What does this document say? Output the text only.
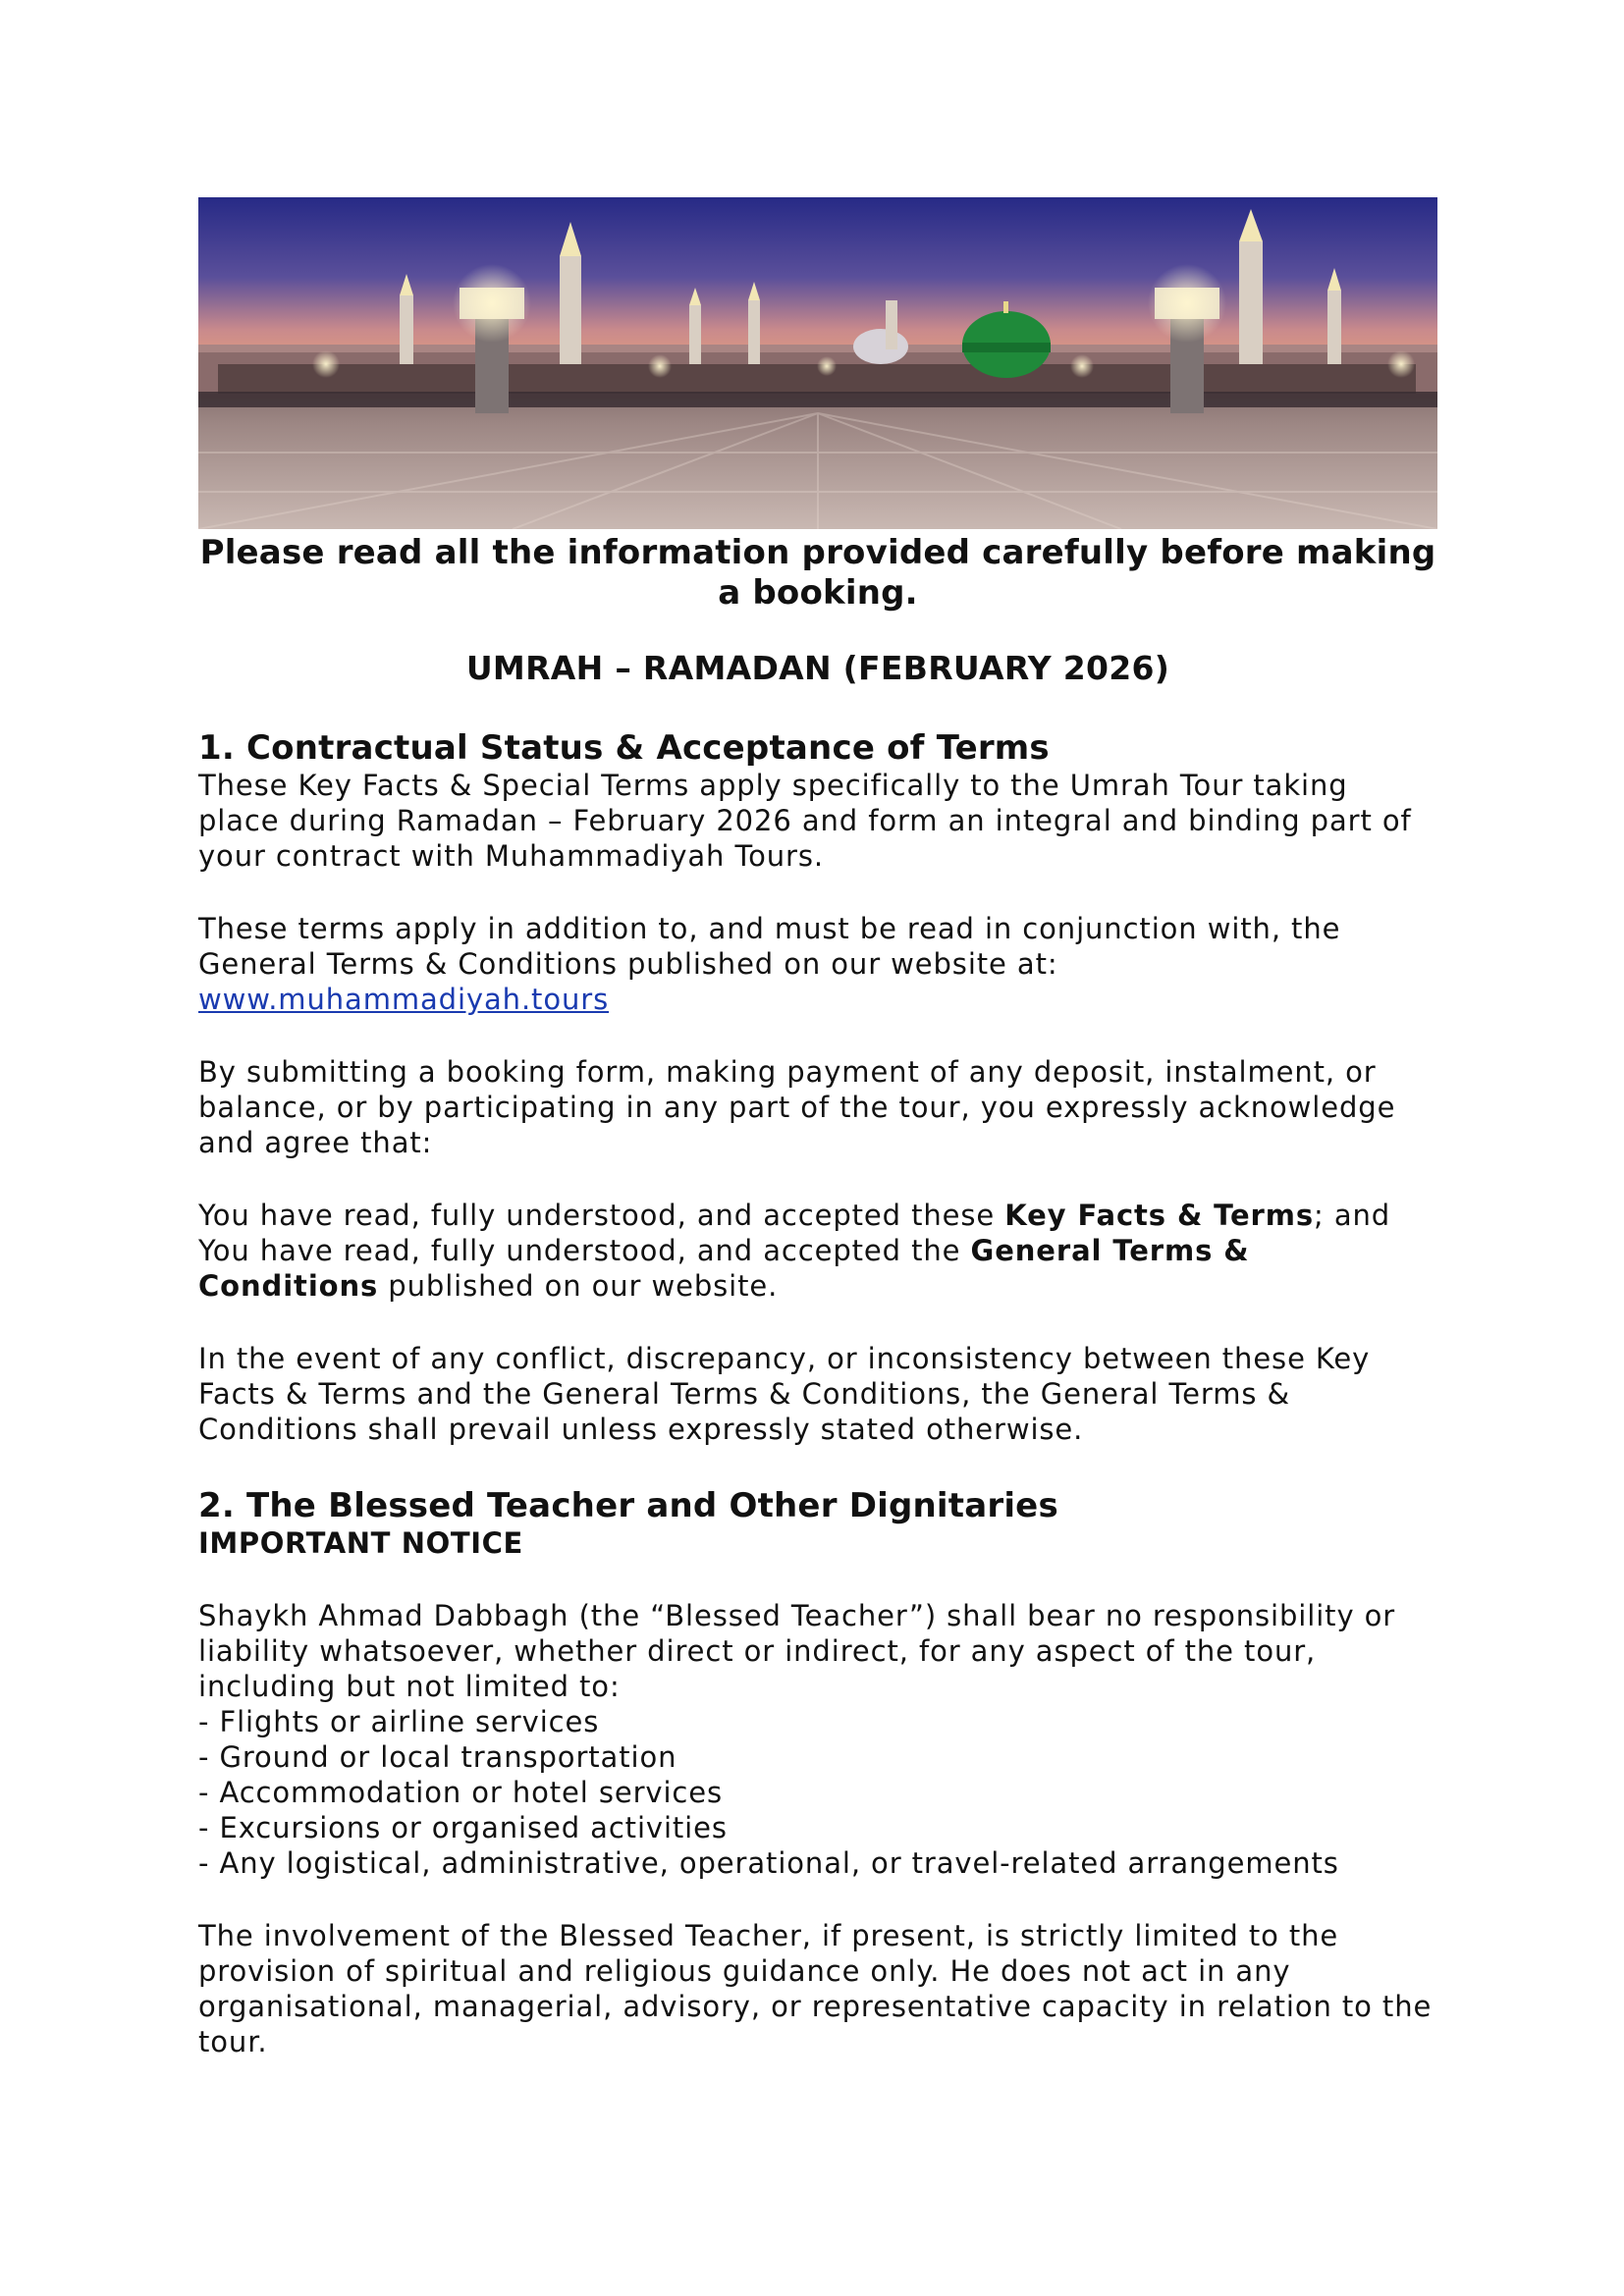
Please read all the information provided carefully before making a booking.

UMRAH – RAMADAN (FEBRUARY 2026)

1. Contractual Status & Acceptance of Terms

These Key Facts & Special Terms apply specifically to the Umrah Tour taking place during Ramadan – February 2026 and form an integral and binding part of your contract with Muhammadiyah Tours.

These terms apply in addition to, and must be read in conjunction with, the General Terms & Conditions published on our website at:

www.muhammadiyah.tours

By submitting a booking form, making payment of any deposit, instalment, or balance, or by participating in any part of the tour, you expressly acknowledge and agree that:

You have read, fully understood, and accepted these Key Facts & Terms; and

You have read, fully understood, and accepted the General Terms & Conditions published on our website.

In the event of any conflict, discrepancy, or inconsistency between these Key Facts & Terms and the General Terms & Conditions, the General Terms & Conditions shall prevail unless expressly stated otherwise.

2. The Blessed Teacher and Other Dignitaries

IMPORTANT NOTICE

Shaykh Ahmad Dabbagh (the “Blessed Teacher”) shall bear no responsibility or liability whatsoever, whether direct or indirect, for any aspect of the tour, including but not limited to:

- Flights or airline services
- Ground or local transportation
- Accommodation or hotel services
- Excursions or organised activities
- Any logistical, administrative, operational, or travel-related arrangements

The involvement of the Blessed Teacher, if present, is strictly limited to the provision of spiritual and religious guidance only. He does not act in any organisational, managerial, advisory, or representative capacity in relation to the tour.
